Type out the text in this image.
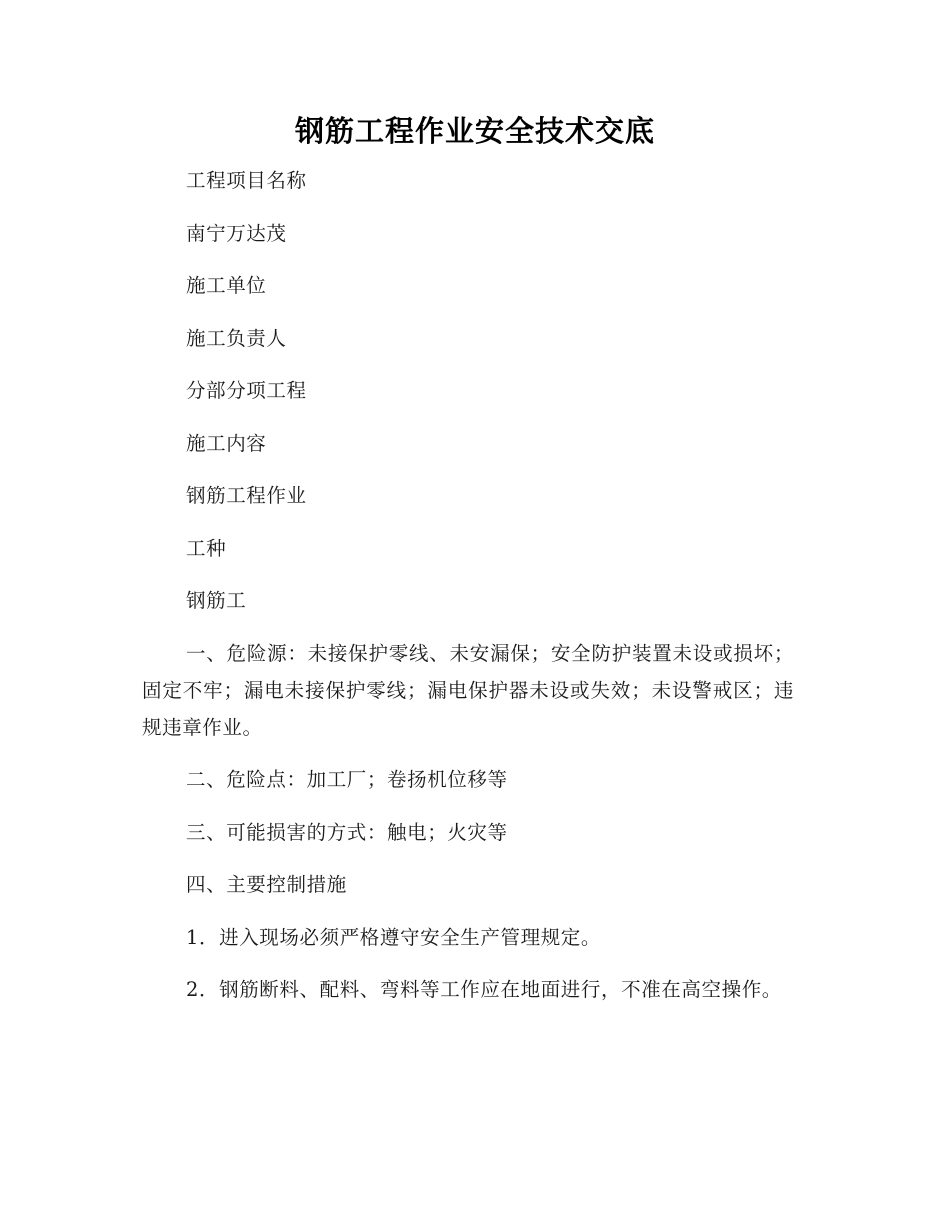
钢筋工程作业安全技术交底

工程项目名称

南宁万达茂

施工单位

施工负责人

分部分项工程

施工内容

钢筋工程作业

工种

钢筋工

一、危险源：未接保护零线、未安漏保；安全防护装置未设或损坏；固定不牢；漏电未接保护零线；漏电保护器未设或失效；未设警戒区；违规违章作业。

二、危险点：加工厂；卷扬机位移等

三、可能损害的方式：触电；火灾等

四、主要控制措施

1．进入现场必须严格遵守安全生产管理规定。

2．钢筋断料、配料、弯料等工作应在地面进行，不准在高空操作。
